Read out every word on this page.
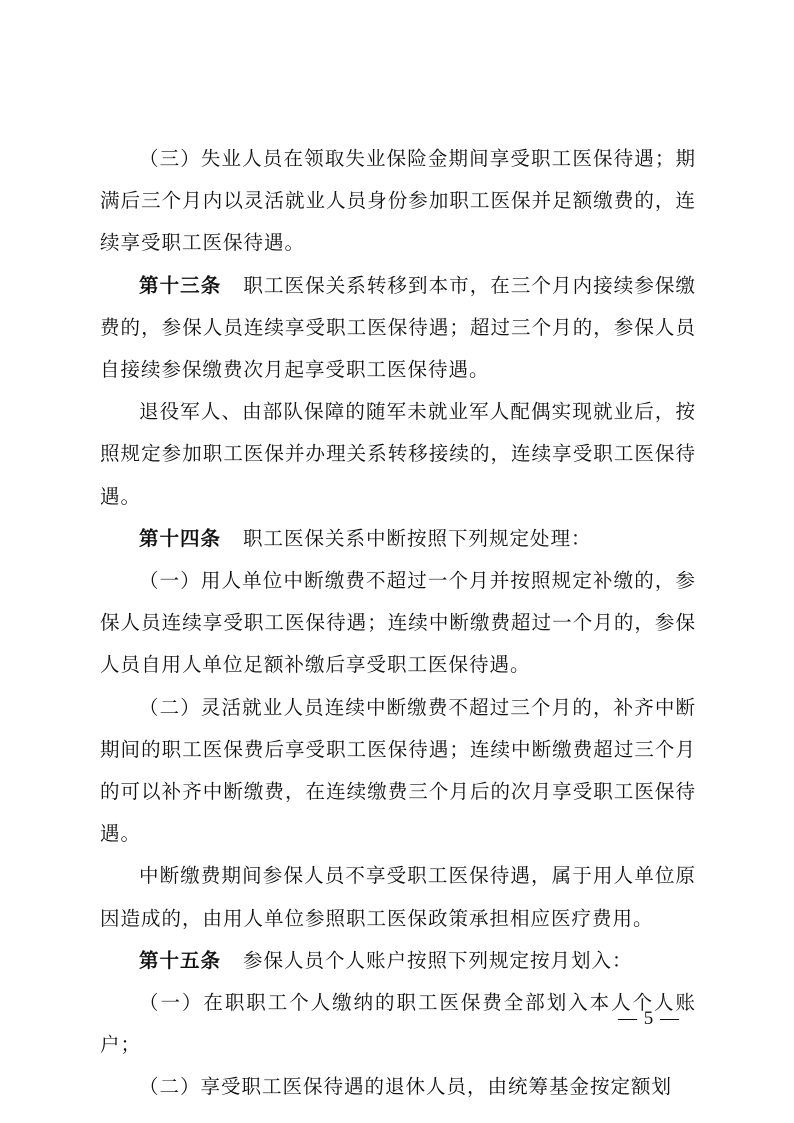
（三）失业人员在领取失业保险金期间享受职工医保待遇；期满后三个月内以灵活就业人员身份参加职工医保并足额缴费的，连续享受职工医保待遇。

第十三条 职工医保关系转移到本市，在三个月内接续参保缴费的，参保人员连续享受职工医保待遇；超过三个月的，参保人员自接续参保缴费次月起享受职工医保待遇。

退役军人、由部队保障的随军未就业军人配偶实现就业后，按照规定参加职工医保并办理关系转移接续的，连续享受职工医保待遇。

第十四条 职工医保关系中断按照下列规定处理：

（一）用人单位中断缴费不超过一个月并按照规定补缴的，参保人员连续享受职工医保待遇；连续中断缴费超过一个月的，参保人员自用人单位足额补缴后享受职工医保待遇。

（二）灵活就业人员连续中断缴费不超过三个月的，补齐中断期间的职工医保费后享受职工医保待遇；连续中断缴费超过三个月的可以补齐中断缴费，在连续缴费三个月后的次月享受职工医保待遇。

中断缴费期间参保人员不享受职工医保待遇，属于用人单位原因造成的，由用人单位参照职工医保政策承担相应医疗费用。

第十五条 参保人员个人账户按照下列规定按月划入：

（一）在职职工个人缴纳的职工医保费全部划入本人个人账户；

（二）享受职工医保待遇的退休人员，由统筹基金按定额划

— 5 —
